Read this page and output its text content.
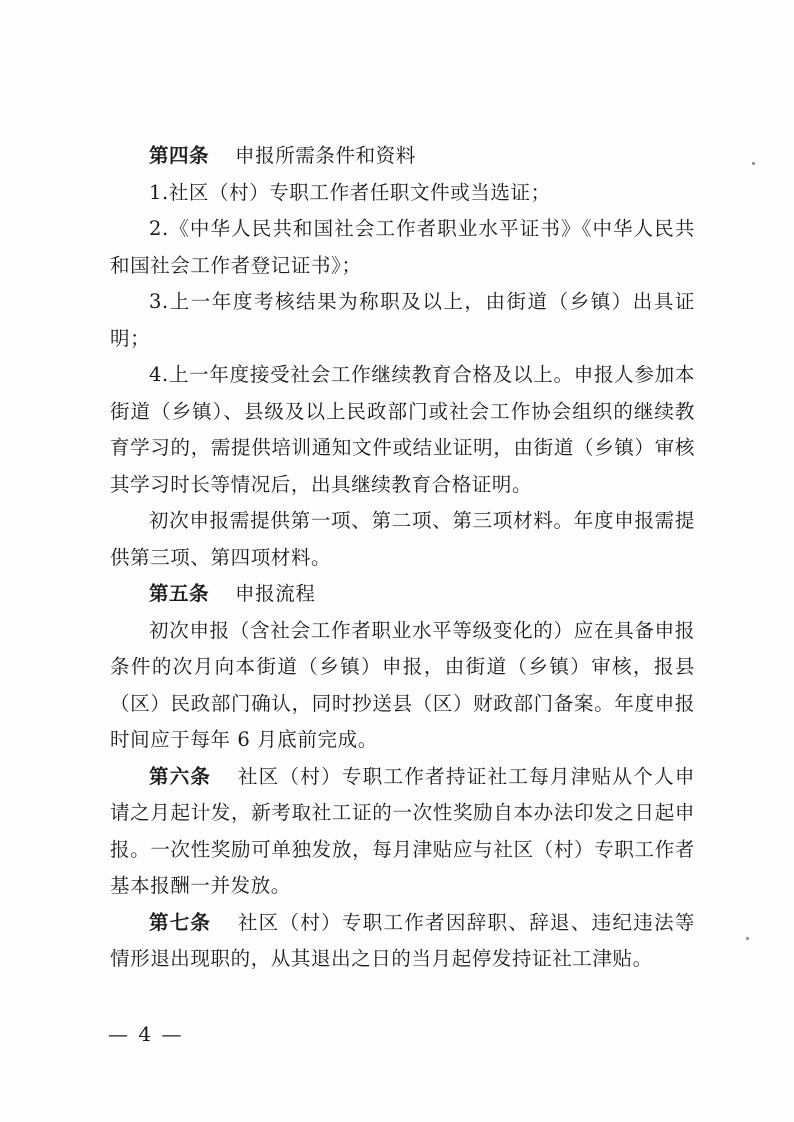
第四条 申报所需条件和资料

1.社区（村）专职工作者任职文件或当选证；

2.《中华人民共和国社会工作者职业水平证书》《中华人民共和国社会工作者登记证书》；

3.上一年度考核结果为称职及以上，由街道（乡镇）出具证明；

4.上一年度接受社会工作继续教育合格及以上。申报人参加本街道（乡镇）、县级及以上民政部门或社会工作协会组织的继续教育学习的，需提供培训通知文件或结业证明，由街道（乡镇）审核其学习时长等情况后，出具继续教育合格证明。

初次申报需提供第一项、第二项、第三项材料。年度申报需提供第三项、第四项材料。

第五条 申报流程

初次申报（含社会工作者职业水平等级变化的）应在具备申报条件的次月向本街道（乡镇）申报，由街道（乡镇）审核，报县（区）民政部门确认，同时抄送县（区）财政部门备案。年度申报时间应于每年 6 月底前完成。

第六条 社区（村）专职工作者持证社工每月津贴从个人申请之月起计发，新考取社工证的一次性奖励自本办法印发之日起申报。一次性奖励可单独发放，每月津贴应与社区（村）专职工作者基本报酬一并发放。

第七条 社区（村）专职工作者因辞职、辞退、违纪违法等情形退出现职的，从其退出之日的当月起停发持证社工津贴。

— 4 —
